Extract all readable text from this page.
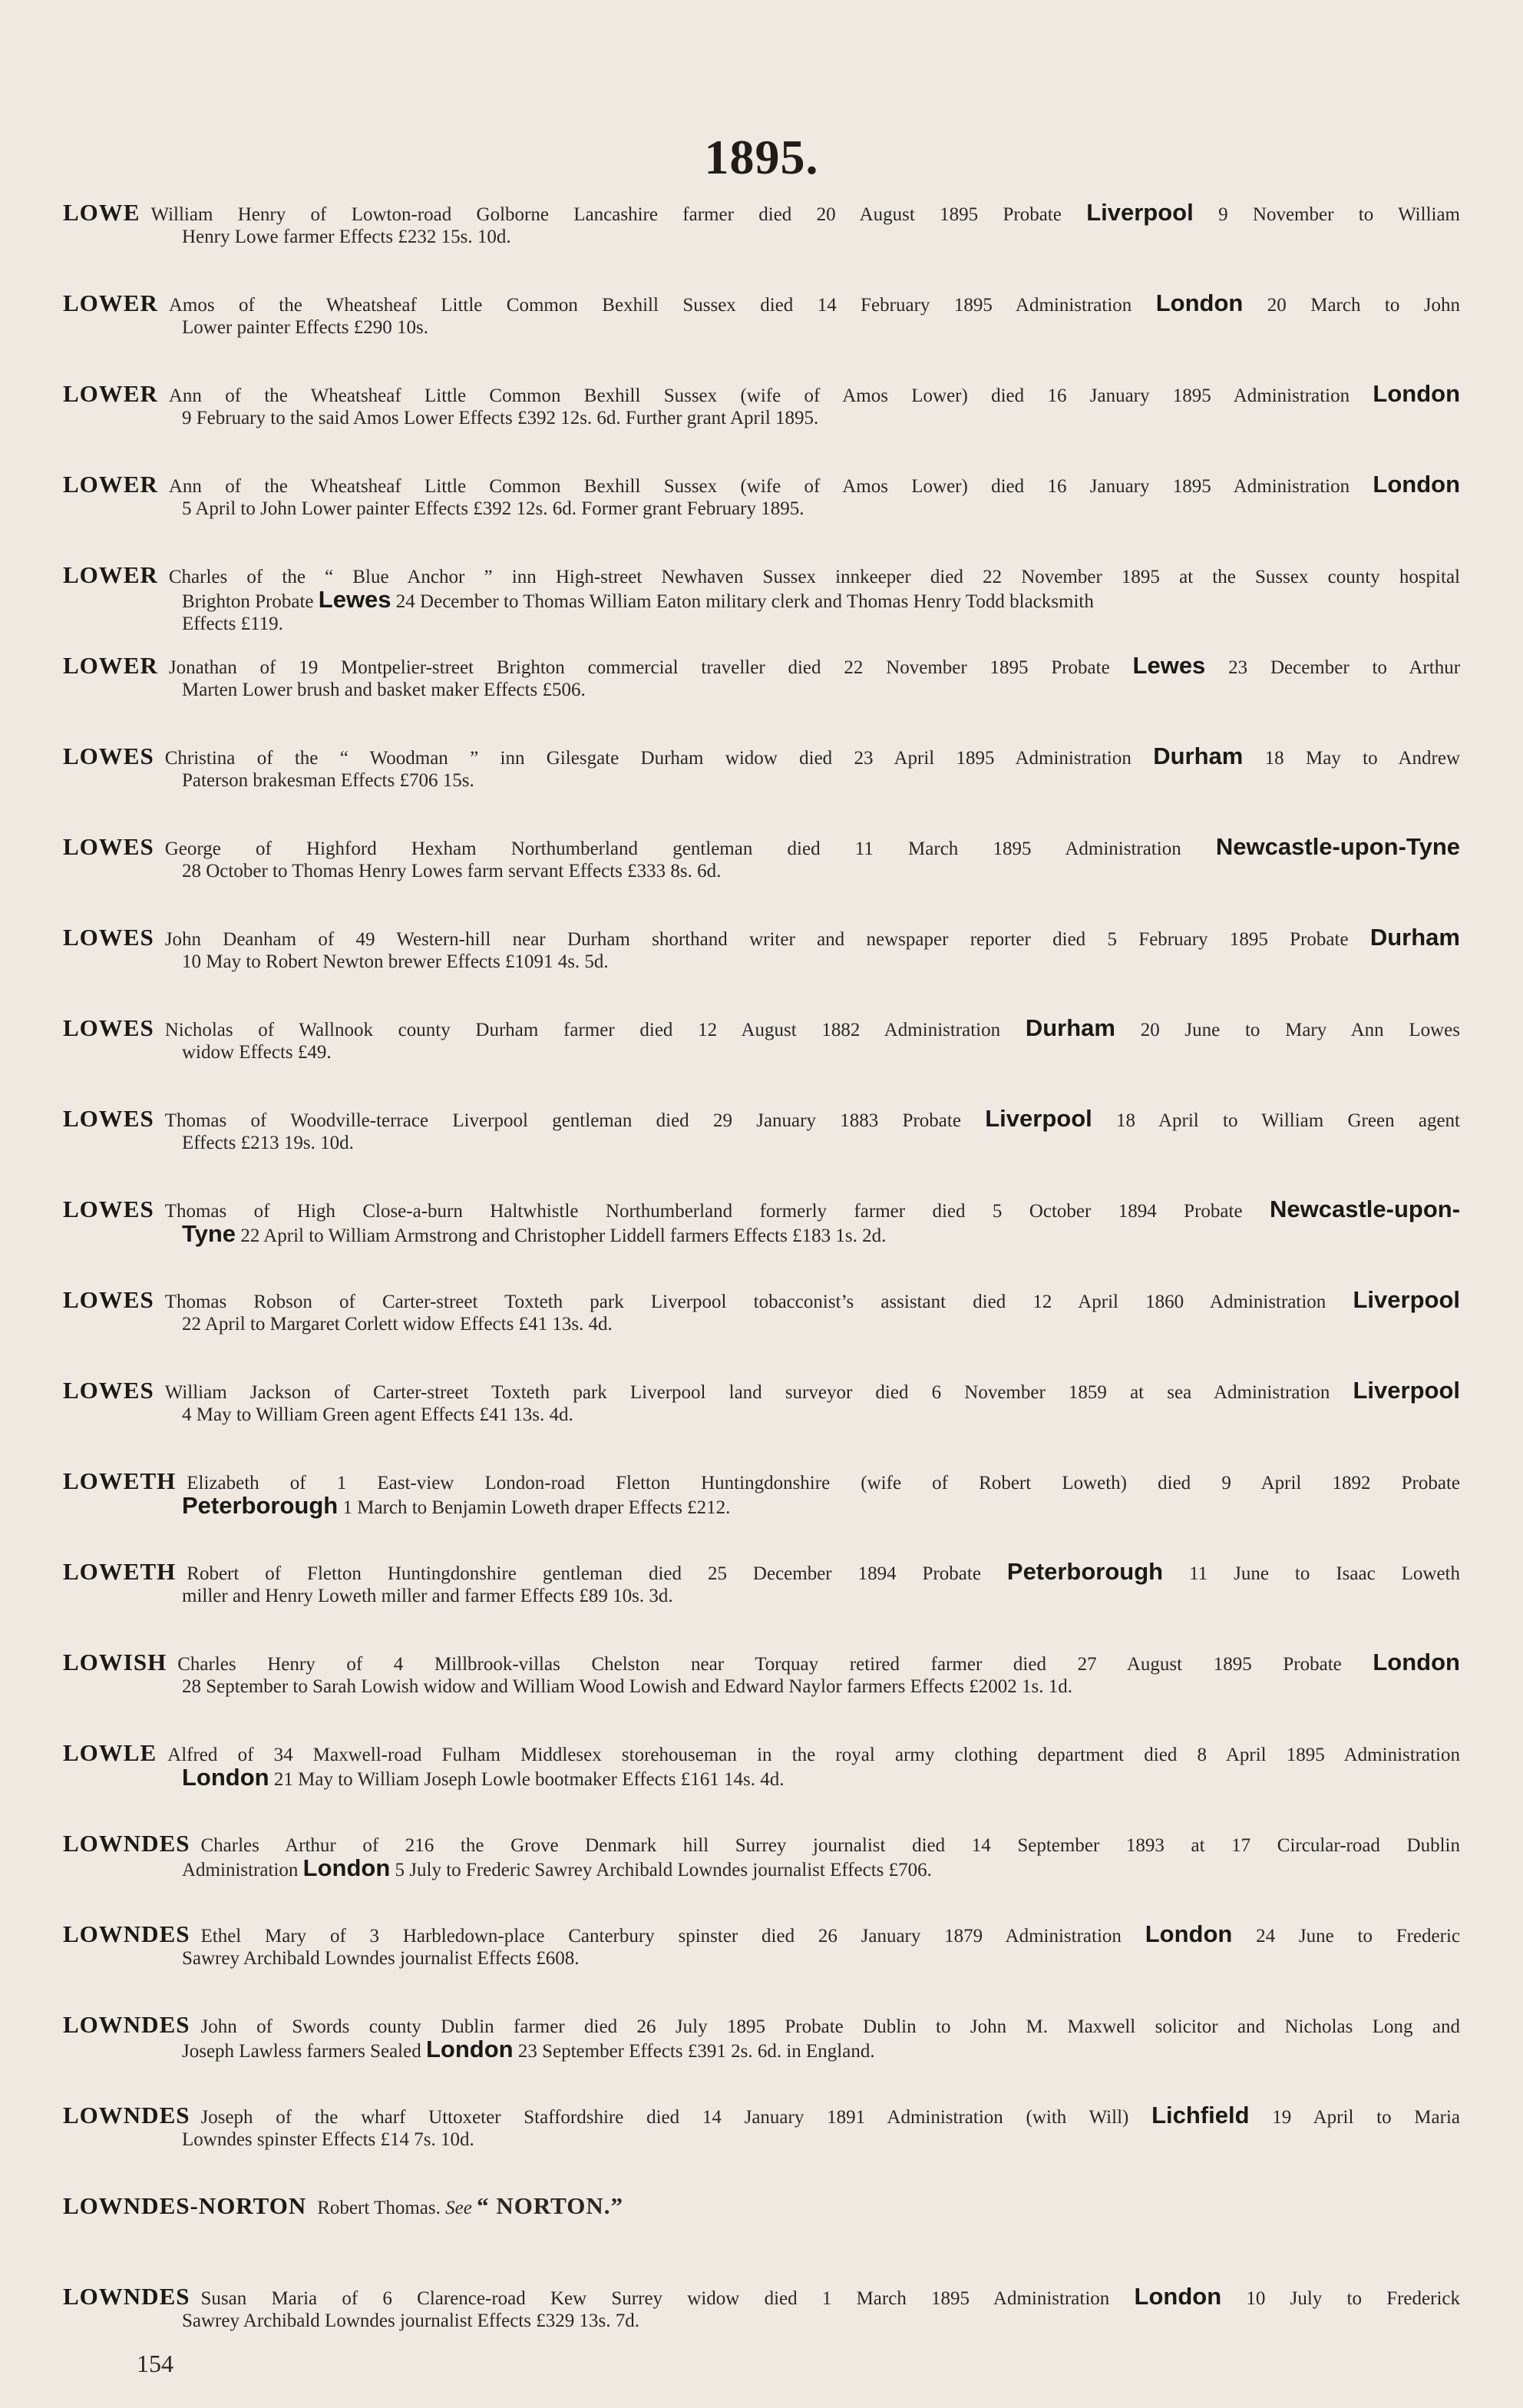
1895.
LOWE William Henry of Lowton-road Golborne Lancashire farmer died 20 August 1895 Probate Liverpool 9 November to William
Henry Lowe farmer Effects £232 15s. 10d.
LOWER Amos of the Wheatsheaf Little Common Bexhill Sussex died 14 February 1895 Administration London 20 March to John
Lower painter Effects £290 10s.
LOWER Ann of the Wheatsheaf Little Common Bexhill Sussex (wife of Amos Lower) died 16 January 1895 Administration London
9 February to the said Amos Lower Effects £392 12s. 6d. Further grant April 1895.
LOWER Ann of the Wheatsheaf Little Common Bexhill Sussex (wife of Amos Lower) died 16 January 1895 Administration London
5 April to John Lower painter Effects £392 12s. 6d. Former grant February 1895.
LOWER Charles of the “ Blue Anchor ” inn High-street Newhaven Sussex innkeeper died 22 November 1895 at the Sussex county hospital
Brighton Probate Lewes 24 December to Thomas William Eaton military clerk and Thomas Henry Todd blacksmith
Effects £119.
LOWER Jonathan of 19 Montpelier-street Brighton commercial traveller died 22 November 1895 Probate Lewes 23 December to Arthur
Marten Lower brush and basket maker Effects £506.
LOWES Christina of the “ Woodman ” inn Gilesgate Durham widow died 23 April 1895 Administration Durham 18 May to Andrew
Paterson brakesman Effects £706 15s.
LOWES George of Highford Hexham Northumberland gentleman died 11 March 1895 Administration Newcastle-upon-Tyne
28 October to Thomas Henry Lowes farm servant Effects £333 8s. 6d.
LOWES John Deanham of 49 Western-hill near Durham shorthand writer and newspaper reporter died 5 February 1895 Probate Durham
10 May to Robert Newton brewer Effects £1091 4s. 5d.
LOWES Nicholas of Wallnook county Durham farmer died 12 August 1882 Administration Durham 20 June to Mary Ann Lowes
widow Effects £49.
LOWES Thomas of Woodville-terrace Liverpool gentleman died 29 January 1883 Probate Liverpool 18 April to William Green agent
Effects £213 19s. 10d.
LOWES Thomas of High Close-a-burn Haltwhistle Northumberland formerly farmer died 5 October 1894 Probate Newcastle-upon-
Tyne 22 April to William Armstrong and Christopher Liddell farmers Effects £183 1s. 2d.
LOWES Thomas Robson of Carter-street Toxteth park Liverpool tobacconist’s assistant died 12 April 1860 Administration Liverpool
22 April to Margaret Corlett widow Effects £41 13s. 4d.
LOWES William Jackson of Carter-street Toxteth park Liverpool land surveyor died 6 November 1859 at sea Administration Liverpool
4 May to William Green agent Effects £41 13s. 4d.
LOWETH Elizabeth of 1 East-view London-road Fletton Huntingdonshire (wife of Robert Loweth) died 9 April 1892 Probate
Peterborough 1 March to Benjamin Loweth draper Effects £212.
LOWETH Robert of Fletton Huntingdonshire gentleman died 25 December 1894 Probate Peterborough 11 June to Isaac Loweth
miller and Henry Loweth miller and farmer Effects £89 10s. 3d.
LOWISH Charles Henry of 4 Millbrook-villas Chelston near Torquay retired farmer died 27 August 1895 Probate London
28 September to Sarah Lowish widow and William Wood Lowish and Edward Naylor farmers Effects £2002 1s. 1d.
LOWLE Alfred of 34 Maxwell-road Fulham Middlesex storehouseman in the royal army clothing department died 8 April 1895 Administration
London 21 May to William Joseph Lowle bootmaker Effects £161 14s. 4d.
LOWNDES Charles Arthur of 216 the Grove Denmark hill Surrey journalist died 14 September 1893 at 17 Circular-road Dublin
Administration London 5 July to Frederic Sawrey Archibald Lowndes journalist Effects £706.
LOWNDES Ethel Mary of 3 Harbledown-place Canterbury spinster died 26 January 1879 Administration London 24 June to Frederic
Sawrey Archibald Lowndes journalist Effects £608.
LOWNDES John of Swords county Dublin farmer died 26 July 1895 Probate Dublin to John M. Maxwell solicitor and Nicholas Long and
Joseph Lawless farmers Sealed London 23 September Effects £391 2s. 6d. in England.
LOWNDES Joseph of the wharf Uttoxeter Staffordshire died 14 January 1891 Administration (with Will) Lichfield 19 April to Maria
Lowndes spinster Effects £14 7s. 10d.
LOWNDES-NORTON Robert Thomas. See “ NORTON.”
LOWNDES Susan Maria of 6 Clarence-road Kew Surrey widow died 1 March 1895 Administration London 10 July to Frederick
Sawrey Archibald Lowndes journalist Effects £329 13s. 7d.
154
